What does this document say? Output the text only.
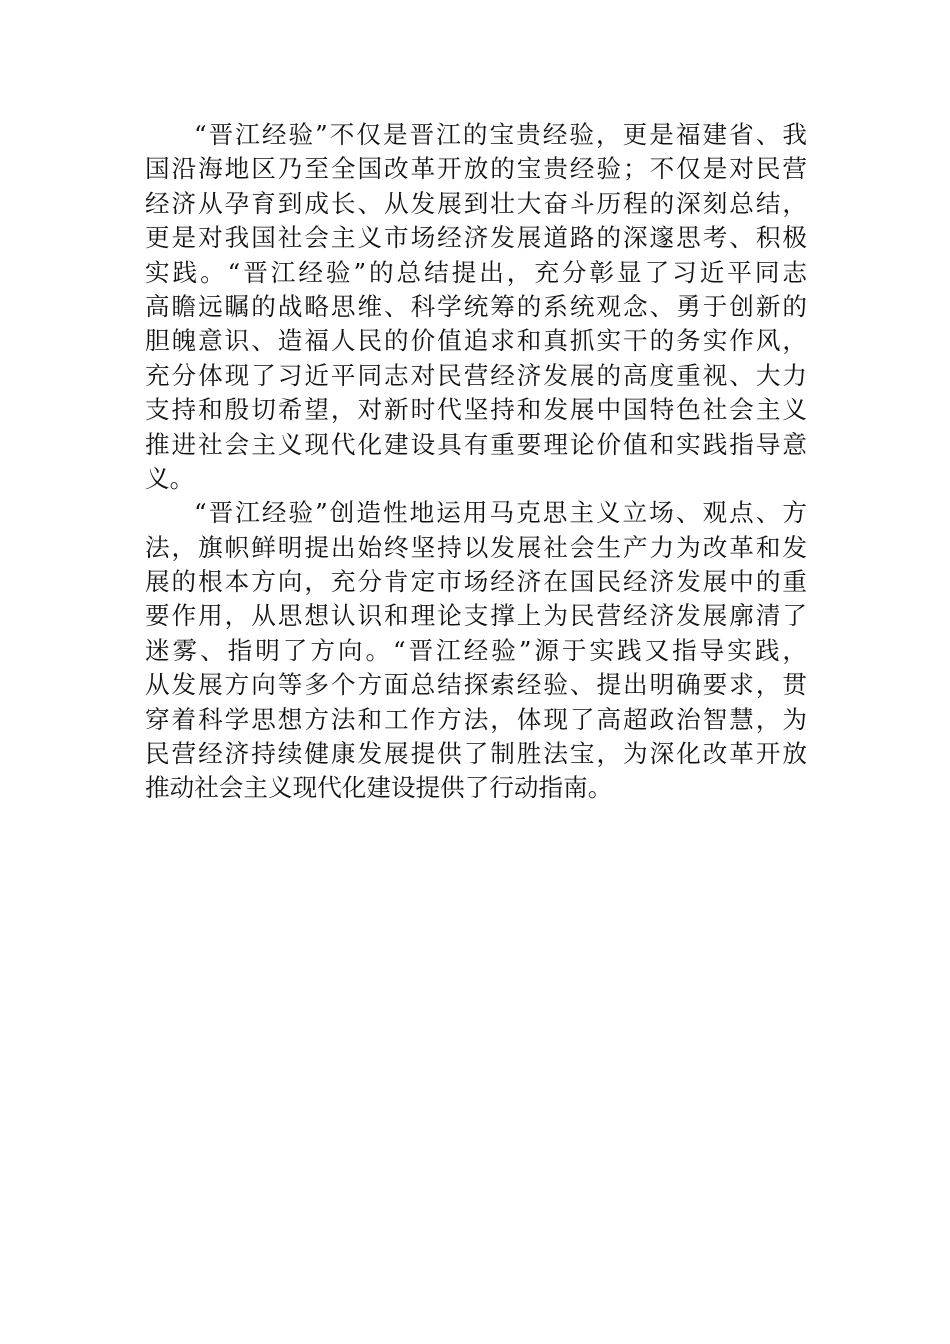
“晋江经验”不仅是晋江的宝贵经验，更是福建省、我
国沿海地区乃至全国改革开放的宝贵经验；不仅是对民营
经济从孕育到成长、从发展到壮大奋斗历程的深刻总结，
更是对我国社会主义市场经济发展道路的深邃思考、积极
实践。“晋江经验”的总结提出，充分彰显了习近平同志
高瞻远瞩的战略思维、科学统筹的系统观念、勇于创新的
胆魄意识、造福人民的价值追求和真抓实干的务实作风，
充分体现了习近平同志对民营经济发展的高度重视、大力
支持和殷切希望，对新时代坚持和发展中国特色社会主义
推进社会主义现代化建设具有重要理论价值和实践指导意
义。
“晋江经验”创造性地运用马克思主义立场、观点、方
法，旗帜鲜明提出始终坚持以发展社会生产力为改革和发
展的根本方向，充分肯定市场经济在国民经济发展中的重
要作用，从思想认识和理论支撑上为民营经济发展廓清了
迷雾、指明了方向。“晋江经验”源于实践又指导实践，
从发展方向等多个方面总结探索经验、提出明确要求，贯
穿着科学思想方法和工作方法，体现了高超政治智慧，为
民营经济持续健康发展提供了制胜法宝，为深化改革开放
推动社会主义现代化建设提供了行动指南。
